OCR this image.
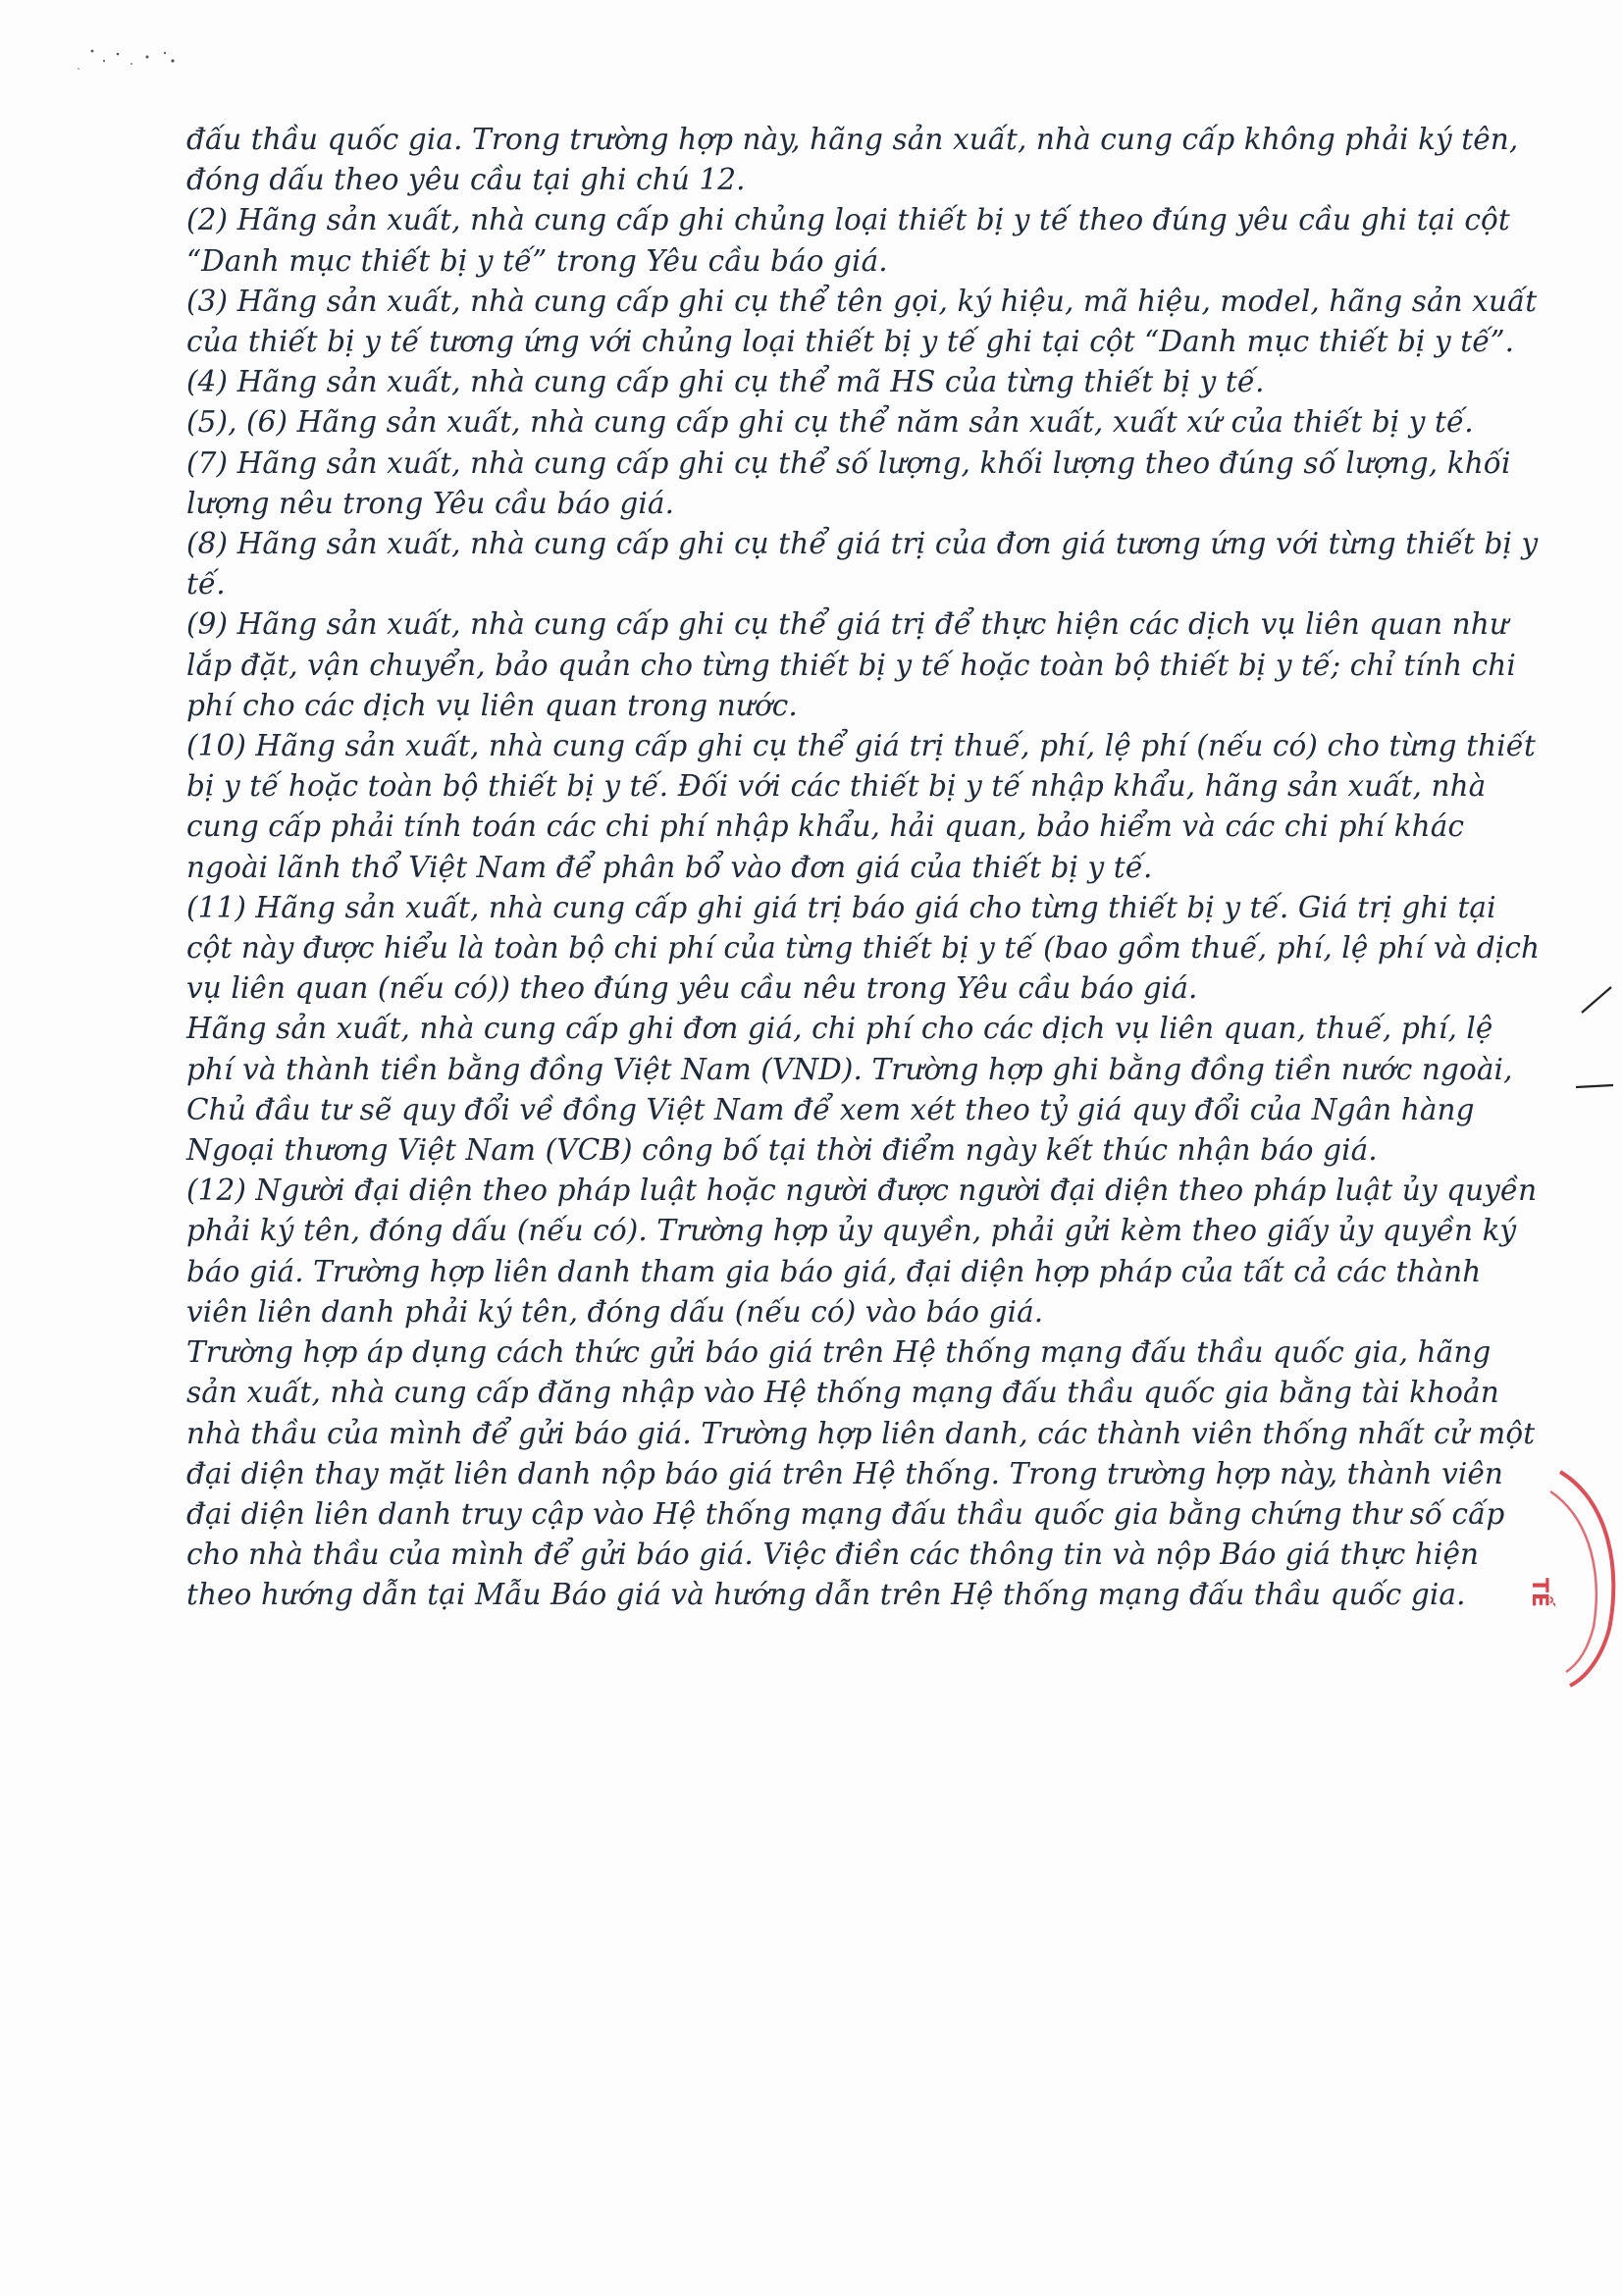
đấu thầu quốc gia. Trong trường hợp này, hãng sản xuất, nhà cung cấp không phải ký tên,
đóng dấu theo yêu cầu tại ghi chú 12.
(2) Hãng sản xuất, nhà cung cấp ghi chủng loại thiết bị y tế theo đúng yêu cầu ghi tại cột
“Danh mục thiết bị y tế” trong Yêu cầu báo giá.
(3) Hãng sản xuất, nhà cung cấp ghi cụ thể tên gọi, ký hiệu, mã hiệu, model, hãng sản xuất
của thiết bị y tế tương ứng với chủng loại thiết bị y tế ghi tại cột “Danh mục thiết bị y tế”.
(4) Hãng sản xuất, nhà cung cấp ghi cụ thể mã HS của từng thiết bị y tế.
(5), (6) Hãng sản xuất, nhà cung cấp ghi cụ thể năm sản xuất, xuất xứ của thiết bị y tế.
(7) Hãng sản xuất, nhà cung cấp ghi cụ thể số lượng, khối lượng theo đúng số lượng, khối
lượng nêu trong Yêu cầu báo giá.
(8) Hãng sản xuất, nhà cung cấp ghi cụ thể giá trị của đơn giá tương ứng với từng thiết bị y
tế.
(9) Hãng sản xuất, nhà cung cấp ghi cụ thể giá trị để thực hiện các dịch vụ liên quan như
lắp đặt, vận chuyển, bảo quản cho từng thiết bị y tế hoặc toàn bộ thiết bị y tế; chỉ tính chi
phí cho các dịch vụ liên quan trong nước.
(10) Hãng sản xuất, nhà cung cấp ghi cụ thể giá trị thuế, phí, lệ phí (nếu có) cho từng thiết
bị y tế hoặc toàn bộ thiết bị y tế. Đối với các thiết bị y tế nhập khẩu, hãng sản xuất, nhà
cung cấp phải tính toán các chi phí nhập khẩu, hải quan, bảo hiểm và các chi phí khác
ngoài lãnh thổ Việt Nam để phân bổ vào đơn giá của thiết bị y tế.
(11) Hãng sản xuất, nhà cung cấp ghi giá trị báo giá cho từng thiết bị y tế. Giá trị ghi tại
cột này được hiểu là toàn bộ chi phí của từng thiết bị y tế (bao gồm thuế, phí, lệ phí và dịch
vụ liên quan (nếu có)) theo đúng yêu cầu nêu trong Yêu cầu báo giá.
Hãng sản xuất, nhà cung cấp ghi đơn giá, chi phí cho các dịch vụ liên quan, thuế, phí, lệ
phí và thành tiền bằng đồng Việt Nam (VND). Trường hợp ghi bằng đồng tiền nước ngoài,
Chủ đầu tư sẽ quy đổi về đồng Việt Nam để xem xét theo tỷ giá quy đổi của Ngân hàng
Ngoại thương Việt Nam (VCB) công bố tại thời điểm ngày kết thúc nhận báo giá.
(12) Người đại diện theo pháp luật hoặc người được người đại diện theo pháp luật ủy quyền
phải ký tên, đóng dấu (nếu có). Trường hợp ủy quyền, phải gửi kèm theo giấy ủy quyền ký
báo giá. Trường hợp liên danh tham gia báo giá, đại diện hợp pháp của tất cả các thành
viên liên danh phải ký tên, đóng dấu (nếu có) vào báo giá.
Trường hợp áp dụng cách thức gửi báo giá trên Hệ thống mạng đấu thầu quốc gia, hãng
sản xuất, nhà cung cấp đăng nhập vào Hệ thống mạng đấu thầu quốc gia bằng tài khoản
nhà thầu của mình để gửi báo giá. Trường hợp liên danh, các thành viên thống nhất cử một
đại diện thay mặt liên danh nộp báo giá trên Hệ thống. Trong trường hợp này, thành viên
đại diện liên danh truy cập vào Hệ thống mạng đấu thầu quốc gia bằng chứng thư số cấp
cho nhà thầu của mình để gửi báo giá. Việc điền các thông tin và nộp Báo giá thực hiện
theo hướng dẫn tại Mẫu Báo giá và hướng dẫn trên Hệ thống mạng đấu thầu quốc gia.	TẾ
